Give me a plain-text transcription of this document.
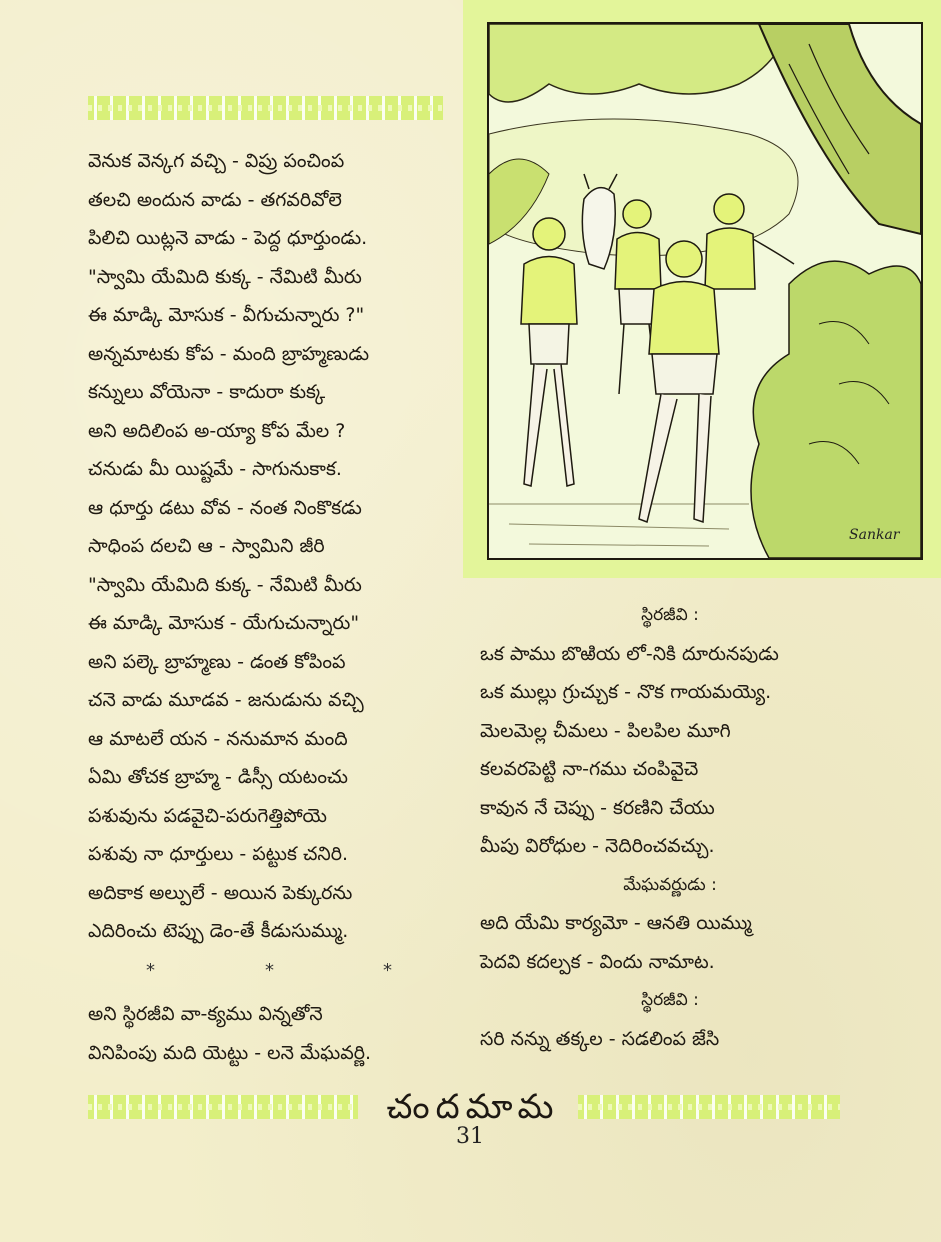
వెనుక వెన్కగ వచ్చి - విప్రు పంచింప
తలచి అందున వాడు - తగవరివోలె
పిలిచి యిట్లనె వాడు - పెద్ద ధూర్తుండు.
"స్వామి యేమిది కుక్క - నేమిటి మీరు
ఈ మాడ్కి మోసుక - వీగుచున్నారు ?"
అన్నమాటకు కోప - మంది బ్రాహ్మణుడు
కన్నులు వోయెనా - కాదురా కుక్క
అని అదిలింప అ-య్యా కోప మేల ?
చనుడు మీ యిష్టమే - సాగునుకాక.
ఆ ధూర్తు డటు వోవ - నంత నింకొకడు
సాధింప దలచి ఆ - స్వామిని జీరి
"స్వామి యేమిది కుక్క - నేమిటి మీరు
ఈ మాడ్కి మోసుక - యేగుచున్నారు"
అని పల్కె బ్రాహ్మణు - డంత కోపింప
చనె వాడు మూడవ - జనుడును వచ్చి
ఆ మాటలే యన - ననుమాన మంది
ఏమి తోచక బ్రాహ్మ - డిస్సీ యటంచు
పశువును పడవైచి-పరుగెత్తిపోయె
పశువు నా ధూర్తులు - పట్టుక చనిరి.
అదికాక అల్పులే - అయిన పెక్కురను
ఎదిరించు టెప్పు డెం-తే కీడుసుమ్ము.
*	*	*
అని స్థిరజీవి వా-క్యము విన్నతోనె
వినిపింపు మది యెట్టు - లనె మేఘవర్ణి.
స్థిరజీవి :
ఒక పాము బొఱియ లో-నికి దూరునపుడు
ఒక ముల్లు గ్రుచ్చుక - నొక గాయమయ్యె.
మెలమెల్ల చీమలు - పిలపిల మూగి
కలవరపెట్టి నా-గము చంపివైచె
కావున నే చెప్పు - కరణిని చేయు
మీపు విరోధుల - నెదిరించవచ్చు.
మేఘవర్ణుడు :
అది యేమి కార్యమో - ఆనతి యిమ్ము
పెదవి కదల్పక - విందు నామాట.
స్థిరజీవి :
సరి నన్ను తక్కల - సడలింప జేసి
Sankar
చందమామ
31
